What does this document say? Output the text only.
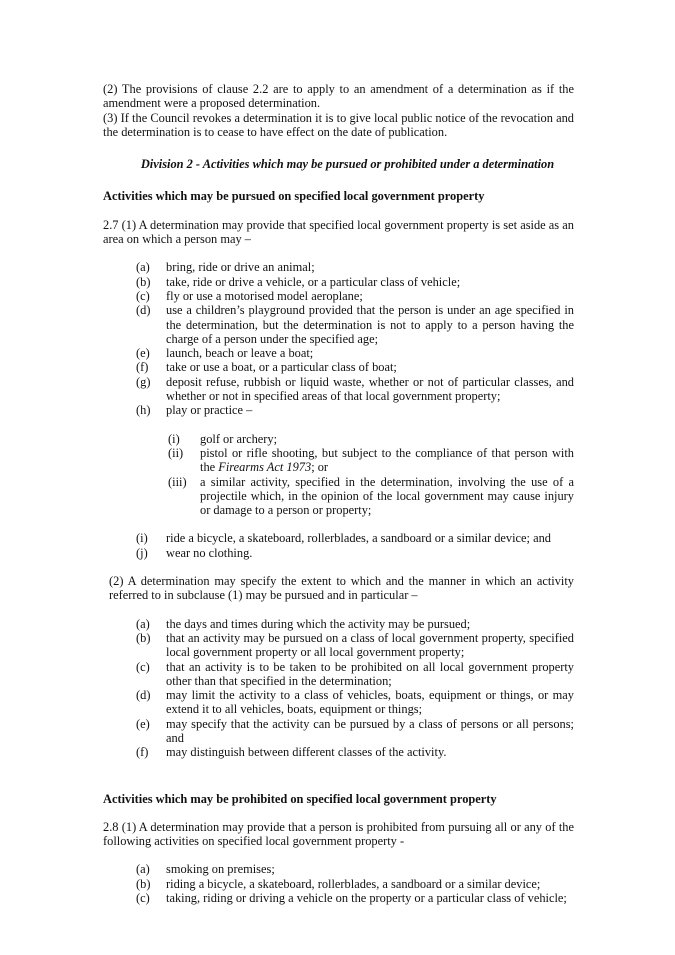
(2) The provisions of clause 2.2 are to apply to an amendment of a determination as if the amendment were a proposed determination.

(3) If the Council revokes a determination it is to give local public notice of the revocation and the determination is to cease to have effect on the date of publication.

Division 2 - Activities which may be pursued or prohibited under a determination
Activities which may be pursued on specified local government property

2.7 (1) A determination may provide that specified local government property is set aside as an area on which a person may –

(a)	bring, ride or drive an animal;
(b)	take, ride or drive a vehicle, or a particular class of vehicle;
(c)	fly or use a motorised model aeroplane;
(d)	use a children’s playground provided that the person is under an age specified in the determination, but the determination is not to apply to a person having the charge of a person under the specified age;
(e)	launch, beach or leave a boat;
(f)	take or use a boat, or a particular class of boat;
(g)	deposit refuse, rubbish or liquid waste, whether or not of particular classes, and whether or not in specified areas of that local government property;
(h)	play or practice –
(i)	golf or archery;
(ii)	pistol or rifle shooting, but subject to the compliance of that person with the Firearms Act 1973; or
(iii)	a similar activity, specified in the determination, involving the use of a projectile which, in the opinion of the local government may cause injury or damage to a person or property;
(i)	ride a bicycle, a skateboard, rollerblades, a sandboard or a similar device; and
(j)	wear no clothing.

(2) A determination may specify the extent to which and the manner in which an activity referred to in subclause (1) may be pursued and in particular –

(a)	the days and times during which the activity may be pursued;
(b)	that an activity may be pursued on a class of local government property, specified local government property or all local government property;
(c)	that an activity is to be taken to be prohibited on all local government property other than that specified in the determination;
(d)	may limit the activity to a class of vehicles, boats, equipment or things, or may extend it to all vehicles, boats, equipment or things;
(e)	may specify that the activity can be pursued by a class of persons or all persons; and
(f)	may distinguish between different classes of the activity.
Activities which may be prohibited on specified local government property

2.8 (1) A determination may provide that a person is prohibited from pursuing all or any of the following activities on specified local government property -

(a)	smoking on premises;
(b)	riding a bicycle, a skateboard, rollerblades, a sandboard or a similar device;
(c)	taking, riding or driving a vehicle on the property or a particular class of vehicle;
